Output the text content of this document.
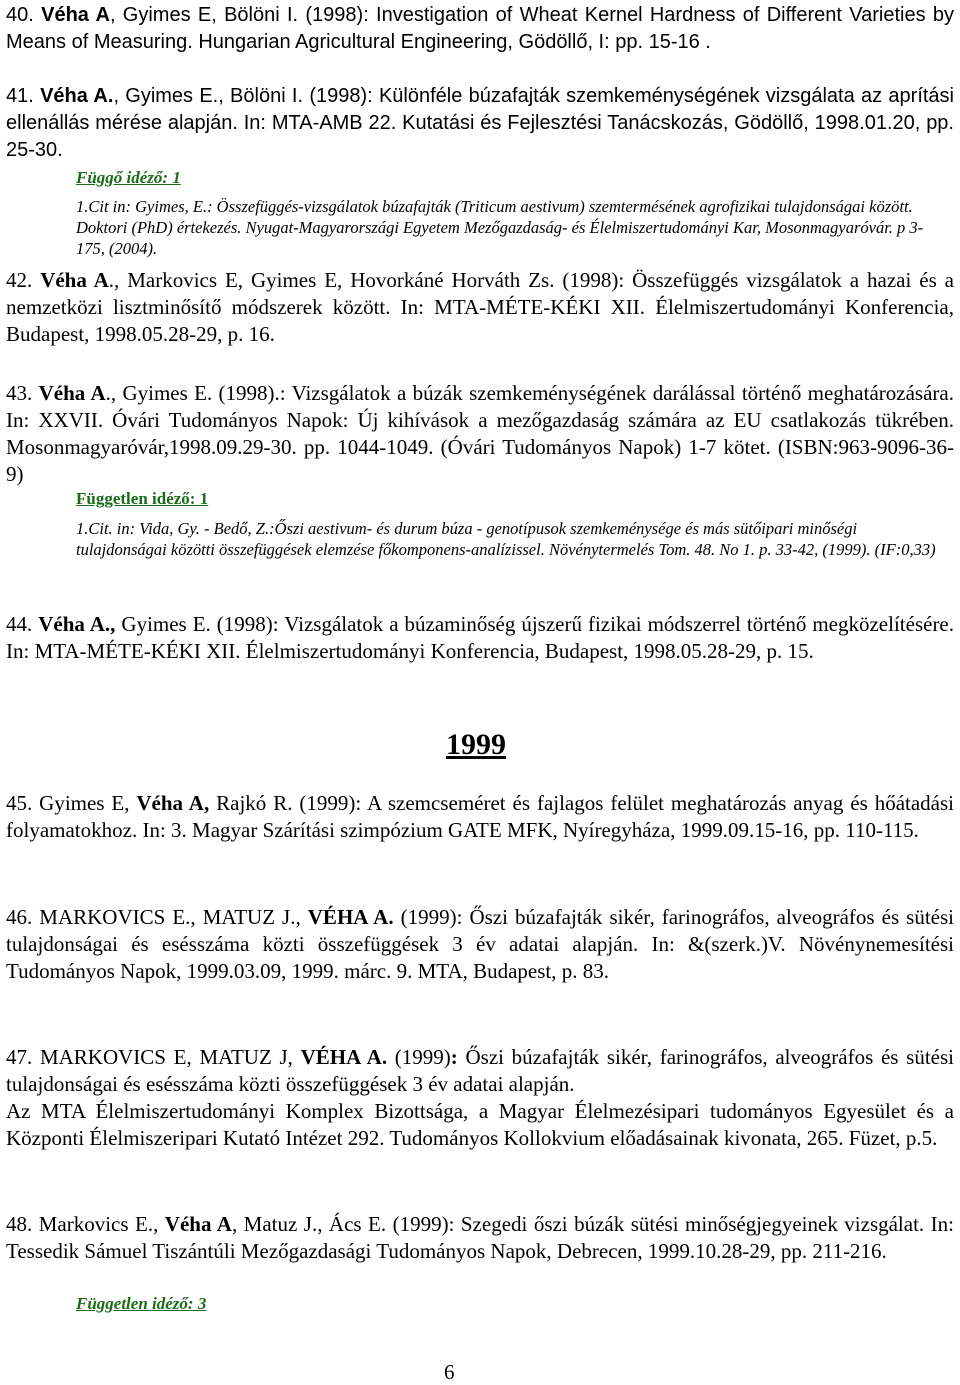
40. Véha A, Gyimes E, Bölöni I. (1998): Investigation of Wheat Kernel Hardness of Different Varieties by Means of Measuring. Hungarian Agricultural Engineering, Gödöllő, I: pp. 15-16 .
41. Véha A., Gyimes E., Bölöni I. (1998): Különféle búzafajták szemkeménységének vizsgálata az aprítási ellenállás mérése alapján. In: MTA-AMB 22. Kutatási és Fejlesztési Tanácskozás, Gödöllő, 1998.01.20, pp. 25-30.
Függő idéző: 1
1.Cit in: Gyimes, E.: Összefüggés-vizsgálatok búzafajták (Triticum aestivum) szemtermésének agrofizikai tulajdonságai között. Doktori (PhD) értekezés. Nyugat-Magyarországi Egyetem Mezőgazdaság- és Élelmiszertudományi Kar, Mosonmagyaróvár. p 3-175, (2004).
42. Véha A., Markovics E, Gyimes E, Hovorkáné Horváth Zs. (1998): Összefüggés vizsgálatok a hazai és a nemzetközi lisztminősítő módszerek között. In: MTA-MÉTE-KÉKI XII. Élelmiszertudományi Konferencia, Budapest, 1998.05.28-29, p. 16.
43. Véha A., Gyimes E. (1998).: Vizsgálatok a búzák szemkeménységének darálással történő meghatározására. In: XXVII. Óvári Tudományos Napok: Új kihívások a mezőgazdaság számára az EU csatlakozás tükrében. Mosonmagyaróvár,1998.09.29-30. pp. 1044-1049. (Óvári Tudományos Napok) 1-7 kötet. (ISBN:963-9096-36-9)
Független idéző: 1
1.Cit. in: Vida, Gy. - Bedő, Z.:Őszi aestivum- és durum búza - genotípusok szemkeménysége és más sütőipari minőségi tulajdonságai közötti összefüggések elemzése főkomponens-analízissel. Növénytermelés Tom. 48. No 1. p. 33-42, (1999). (IF:0,33)
44. Véha A., Gyimes E. (1998): Vizsgálatok a búzaminőség újszerű fizikai módszerrel történő megközelítésére. In: MTA-MÉTE-KÉKI XII. Élelmiszertudományi Konferencia, Budapest, 1998.05.28-29, p. 15.
1999
45. Gyimes E, Véha A, Rajkó R. (1999): A szemcseméret és fajlagos felület meghatározás anyag és hőátadási folyamatokhoz. In: 3. Magyar Szárítási szimpózium GATE MFK, Nyíregyháza, 1999.09.15-16, pp. 110-115.
46. MARKOVICS E., MATUZ J., VÉHA A. (1999): Őszi búzafajták sikér, farinográfos, alveográfos és sütési tulajdonságai és esésszáma közti összefüggések 3 év adatai alapján. In: &(szerk.)V. Növénynemesítési Tudományos Napok, 1999.03.09, 1999. márc. 9. MTA, Budapest, p. 83.
47. MARKOVICS E, MATUZ J, VÉHA A. (1999): Őszi búzafajták sikér, farinográfos, alveográfos és sütési tulajdonságai és esésszáma közti összefüggések 3 év adatai alapján.
Az MTA Élelmiszertudományi Komplex Bizottsága, a Magyar Élelmezésipari tudományos Egyesület és a Központi Élelmiszeripari Kutató Intézet 292. Tudományos Kollokvium előadásainak kivonata, 265. Füzet, p.5.
48. Markovics E., Véha A, Matuz J., Ács E. (1999): Szegedi őszi búzák sütési minőségjegyeinek vizsgálat. In: Tessedik Sámuel Tiszántúli Mezőgazdasági Tudományos Napok, Debrecen, 1999.10.28-29, pp. 211-216.
Független idéző: 3
6
